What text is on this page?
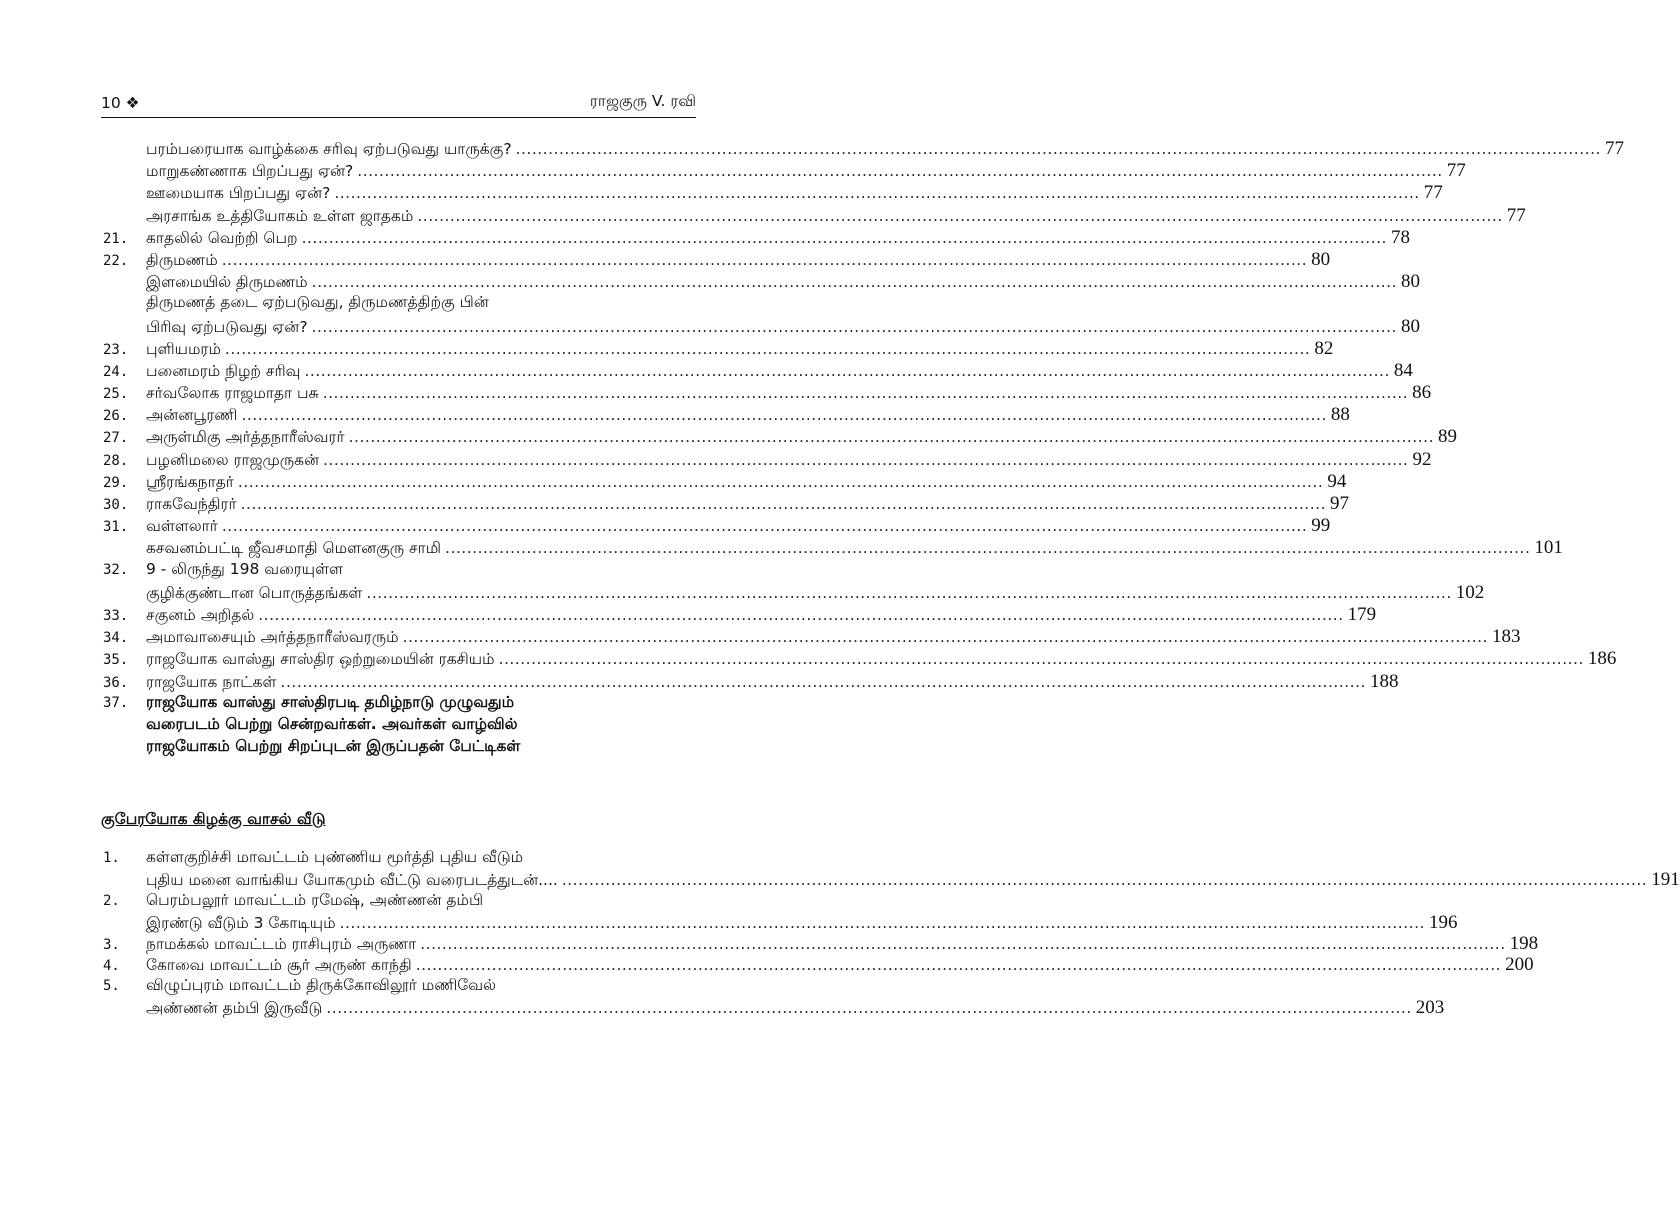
10 ❖	ராஜகுரு V. ரவி
பரம்பரையாக வாழ்க்கை சரிவு ஏற்படுவது யாருக்கு? ........................................................................................................................................................................................................ 77
மாறுகண்ணாக பிறப்பது ஏன்? ........................................................................................................................................................................................................ 77
ஊமையாக பிறப்பது ஏன்? ........................................................................................................................................................................................................ 77
அரசாங்க உத்தியோகம் உள்ள ஜாதகம் ........................................................................................................................................................................................................ 77
21.	காதலில் வெற்றி பெற ........................................................................................................................................................................................................ 78
22.	திருமணம் ........................................................................................................................................................................................................ 80
இளமையில் திருமணம் ........................................................................................................................................................................................................ 80
திருமணத் தடை ஏற்படுவது, திருமணத்திற்கு பின்
பிரிவு ஏற்படுவது ஏன்? ........................................................................................................................................................................................................ 80
23.	புளியமரம் ........................................................................................................................................................................................................ 82
24.	பனைமரம் நிழற் சரிவு ........................................................................................................................................................................................................ 84
25.	சர்வலோக ராஜமாதா பசு ........................................................................................................................................................................................................ 86
26.	அன்னபூரணி ........................................................................................................................................................................................................ 88
27.	அருள்மிகு அர்த்தநாரீஸ்வரர் ........................................................................................................................................................................................................ 89
28.	பழனிமலை ராஜமுருகன் ........................................................................................................................................................................................................ 92
29.	ஸ்ரீரங்கநாதர் ........................................................................................................................................................................................................ 94
30.	ராகவேந்திரர் ........................................................................................................................................................................................................ 97
31.	வள்ளலார் ........................................................................................................................................................................................................ 99
கசவனம்பட்டி ஜீவசமாதி மௌனகுரு சாமி ........................................................................................................................................................................................................ 101
32.	9 - லிருந்து 198 வரையுள்ள
குழிக்குண்டான பொருத்தங்கள் ........................................................................................................................................................................................................ 102
33.	சகுனம் அறிதல் ........................................................................................................................................................................................................ 179
34.	அமாவாசையும் அர்த்தநாரீஸ்வரரும் ........................................................................................................................................................................................................ 183
35.	ராஜயோக வாஸ்து சாஸ்திர ஒற்றுமையின் ரகசியம் ........................................................................................................................................................................................................ 186
36.	ராஜயோக நாட்கள் ........................................................................................................................................................................................................ 188
37.	ராஜயோக வாஸ்து சாஸ்திரபடி தமிழ்நாடு முழுவதும்
வரைபடம் பெற்று சென்றவர்கள். அவர்கள் வாழ்வில்
ராஜயோகம் பெற்று சிறப்புடன் இருப்பதன் பேட்டிகள்
குபேரயோக கிழக்கு வாசல் வீடு
1.	கள்ளகுறிச்சி மாவட்டம் புண்ணிய மூர்த்தி புதிய வீடும்
புதிய மனை வாங்கிய யோகமும் வீட்டு வரைபடத்துடன்.... ........................................................................................................................................................................................................ 191
2.	பெரம்பலூர் மாவட்டம் ரமேஷ், அண்ணன் தம்பி
இரண்டு வீடும் 3 கோடியும் ........................................................................................................................................................................................................ 196
3.	நாமக்கல் மாவட்டம் ராசிபுரம் அருணா ........................................................................................................................................................................................................ 198
4.	கோவை மாவட்டம் சூர் அருண் காந்தி ........................................................................................................................................................................................................ 200
5.	விழுப்புரம் மாவட்டம் திருக்கோவிலூர் மணிவேல்
அண்ணன் தம்பி இருவீடு ........................................................................................................................................................................................................ 203
